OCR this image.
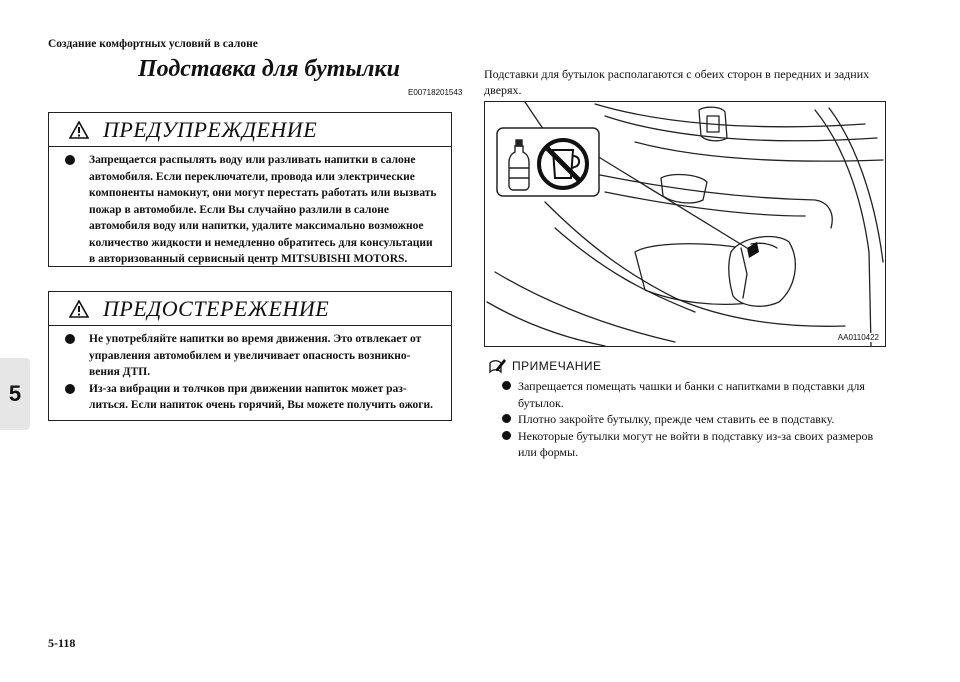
Создание комфортных условий в салоне
5
Подставка для бутылки
E00718201543
ПРЕДУПРЕЖДЕНИЕ
Запрещается распылять воду или разливать напитки в салоне автомобиля. Если переключатели, провода или электрические компоненты намокнут, они могут перестать работать или вызвать пожар в автомобиле. Если Вы случайно разлили в салоне автомобиля воду или напитки, удалите максимально возможное количество жидкости и немедленно обратитесь для консультации в авторизованный сервисный центр MITSUBISHI MOTORS.
ПРЕДОСТЕРЕЖЕНИЕ
Не употребляйте напитки во время движения. Это отвлекает от управления автомобилем и увеличивает опасность возникно-вения ДТП.
Из-за вибрации и толчков при движении напиток может раз-литься. Если напиток очень горячий, Вы можете получить ожоги.
Подставки для бутылок располагаются с обеих сторон в передних и задних дверях.
AA0110422
ПРИМЕЧАНИЕ
Запрещается помещать чашки и банки с напитками в подставки для бутылок.
Плотно закройте бутылку, прежде чем ставить ее в подставку.
Некоторые бутылки могут не войти в подставку из-за своих размеров или формы.
5-118
